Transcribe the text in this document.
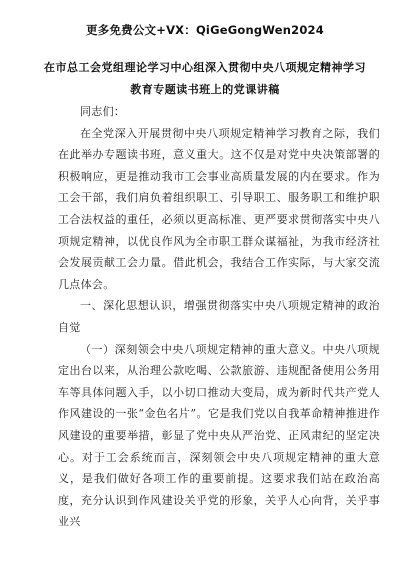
更多免费公文+VX：QiGeGongWen2024
在市总工会党组理论学习中心组深入贯彻中央八项规定精神学习教育专题读书班上的党课讲稿

同志们：

在全党深入开展贯彻中央八项规定精神学习教育之际，我们在此举办专题读书班，意义重大。这不仅是对党中央决策部署的积极响应，更是推动我市工会事业高质量发展的内在要求。作为工会干部，我们肩负着组织职工、引导职工、服务职工和维护职工合法权益的重任，必须以更高标准、更严要求贯彻落实中央八项规定精神，以优良作风为全市职工群众谋福祉，为我市经济社会发展贡献工会力量。借此机会，我结合工作实际，与大家交流几点体会。

一、深化思想认识，增强贯彻落实中央八项规定精神的政治自觉

（一）深刻领会中央八项规定精神的重大意义。中央八项规定出台以来，从治理公款吃喝、公款旅游、违规配备使用公务用车等具体问题入手，以小切口推动大变局，成为新时代共产党人作风建设的一张“金色名片”。它是我们党以自我革命精神推进作风建设的重要举措，彰显了党中央从严治党、正风肃纪的坚定决心。对于工会系统而言，深刻领会中央八项规定精神的重大意义，是我们做好各项工作的重要前提。这要求我们站在政治高度，充分认识到作风建设关乎党的形象，关乎人心向背，关乎事业兴
